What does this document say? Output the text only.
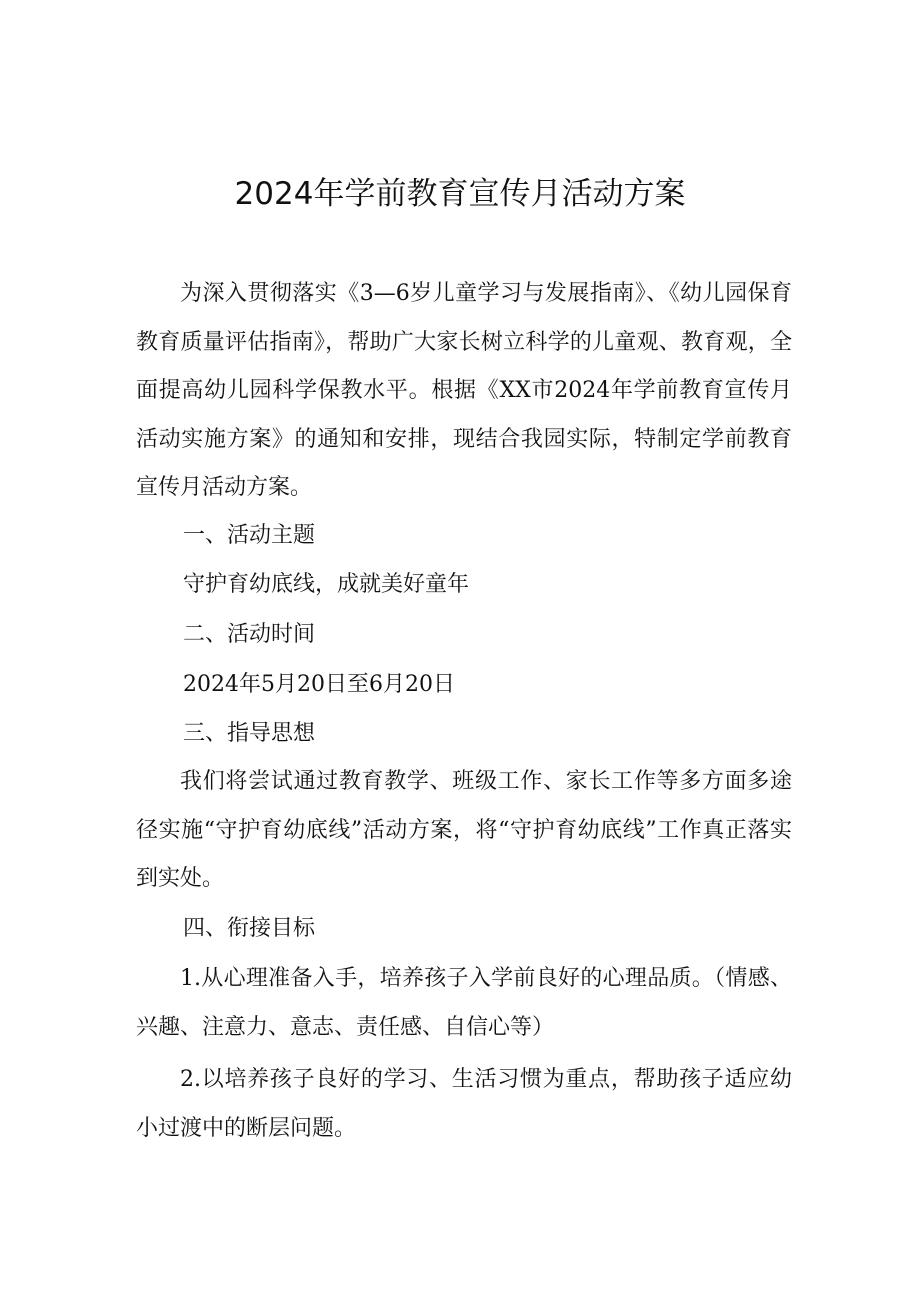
2024年学前教育宣传月活动方案

为深入贯彻落实《3—6岁儿童学习与发展指南》、《幼儿园保育教育质量评估指南》，帮助广大家长树立科学的儿童观、教育观，全面提高幼儿园科学保教水平。根据《XX市2024年学前教育宣传月活动实施方案》的通知和安排，现结合我园实际，特制定学前教育宣传月活动方案。

一、活动主题

守护育幼底线，成就美好童年

二、活动时间

2024年5月20日至6月20日

三、指导思想

我们将尝试通过教育教学、班级工作、家长工作等多方面多途径实施“守护育幼底线”活动方案，将“守护育幼底线”工作真正落实到实处。

四、衔接目标

1.从心理准备入手，培养孩子入学前良好的心理品质。（情感、兴趣、注意力、意志、责任感、自信心等）

2.以培养孩子良好的学习、生活习惯为重点，帮助孩子适应幼小过渡中的断层问题。
